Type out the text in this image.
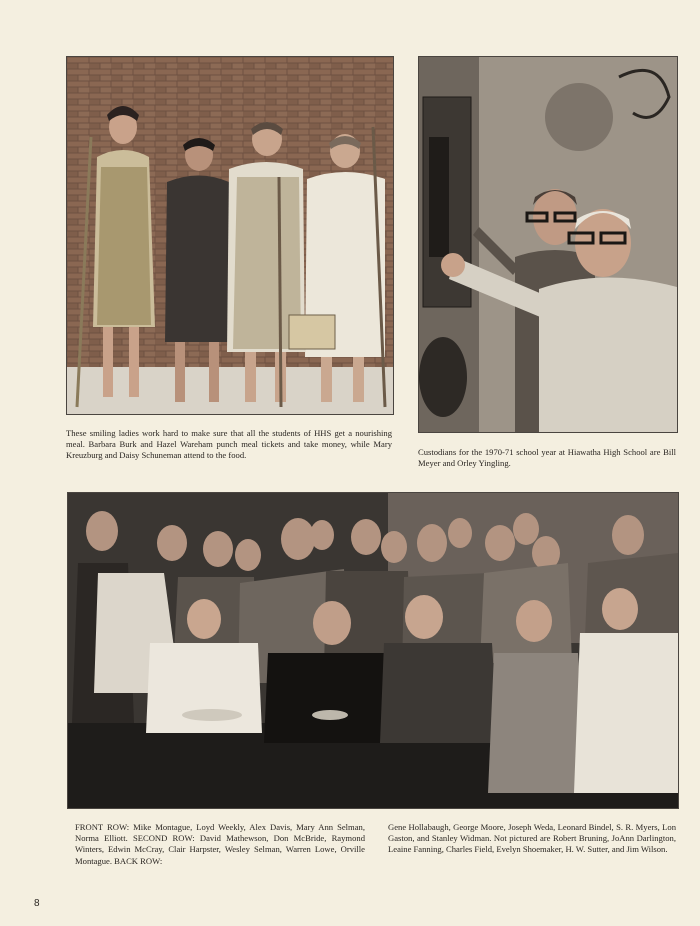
These smiling ladies work hard to make sure that all the students of HHS get a nourishing meal. Barbara Burk and Hazel Wareham punch meal tickets and take money, while Mary Kreuzburg and Daisy Schuneman attend to the food.	Custodians for the 1970-71 school year at Hiawatha High School are Bill Meyer and Orley Yingling.
FRONT ROW: Mike Montague, Loyd Weekly, Alex Davis, Mary Ann Selman, Norma Elliott. SECOND ROW: David Mathewson, Don McBride, Raymond Winters, Edwin McCray, Clair Harpster, Wesley Selman, Warren Lowe, Orville Montague. BACK ROW:
Gene Hollabaugh, George Moore, Joseph Weda, Leonard Bindel, S. R. Myers, Lon Gaston, and Stanley Widman. Not pictured are Robert Bruning, JoAnn Darlington, Leaine Fanning, Charles Field, Evelyn Shoemaker, H. W. Sutter, and Jim Wilson.
8
